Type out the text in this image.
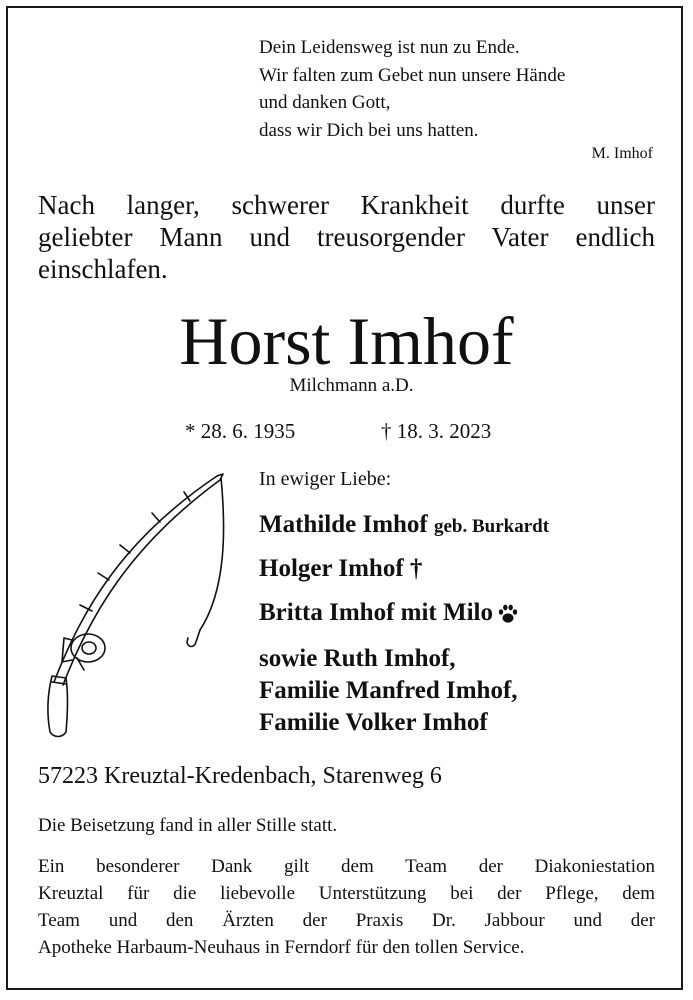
Dein Leidensweg ist nun zu Ende.
Wir falten zum Gebet nun unsere Hände
und danken Gott,
dass wir Dich bei uns hatten.
M. Imhof
Nach langer, schwerer Krankheit durfte unser
geliebter Mann und treusorgender Vater endlich
einschlafen.
Horst Imhof
Milchmann a.D.
* 28. 6. 1935	† 18. 3. 2023
In ewiger Liebe:
Mathilde Imhof geb. Burkardt
Holger Imhof †
Britta Imhof mit Milo
sowie Ruth Imhof,
Familie Manfred Imhof,
Familie Volker Imhof
57223 Kreuztal-Kredenbach, Starenweg 6
Die Beisetzung fand in aller Stille statt.
Ein besonderer Dank gilt dem Team der Diakoniestation
Kreuztal für die liebevolle Unterstützung bei der Pflege, dem
Team und den Ärzten der Praxis Dr. Jabbour und der
Apotheke Harbaum-Neuhaus in Ferndorf für den tollen Service.
